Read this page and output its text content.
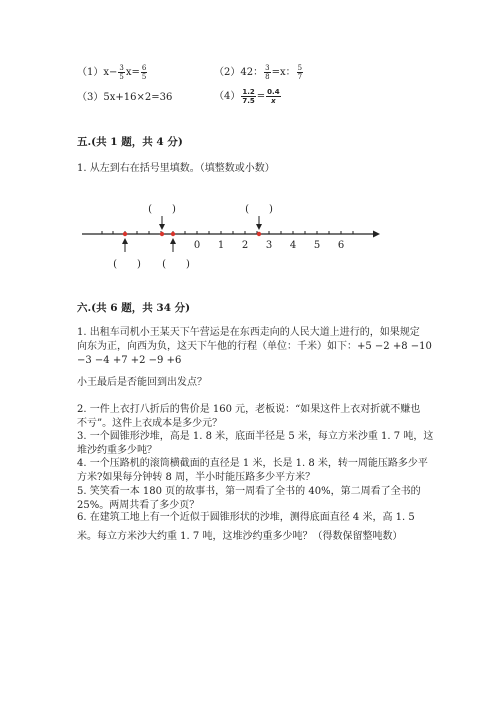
$(1)x- \frac{3}{5} x= \frac{6}{5}$	（2）42： $\frac{3}{8} =x$： $\frac{5}{7}$
（3）5x+16×2=36	$(4) \frac{1.2}{7.5} = \frac{0.4}{x}$
五.(共 1 题，共 4 分)
1. 从左到右在括号里填数。（填整数或小数）
0 1 2 3 4 5 6
(　　)	(　　)
(　　) (　　)
六.(共 6 题，共 34 分)
1. 出租车司机小王某天下午营运是在东西走向的人民大道上进行的，如果规定
向东为正，向西为负，这天下午他的行程（单位：千米）如下：+5 −2 +8 −10
−3 −4 +7 +2 −9 +6
小王最后是否能回到出发点？
2. 一件上衣打八折后的售价是 160 元，老板说：“如果这件上衣对折就不赚也
不亏”。这件上衣成本是多少元？
3. 一个圆锥形沙堆，高是 1. 8 米，底面半径是 5 米，每立方米沙重 1. 7 吨，这
堆沙约重多少吨？
4. 一个压路机的滚筒横截面的直径是 1 米，长是 1. 8 米，转一周能压路多少平
方米?如果每分钟转 8 周，半小时能压路多少平方米？
5. 笑笑看一本 180 页的故事书，第一周看了全书的 40%，第二周看了全书的
25%。两周共看了多少页？
6. 在建筑工地上有一个近似于圆锥形状的沙堆，测得底面直径 4 米，高 1. 5
米。每立方米沙大约重 1. 7 吨，这堆沙约重多少吨？（得数保留整吨数）
